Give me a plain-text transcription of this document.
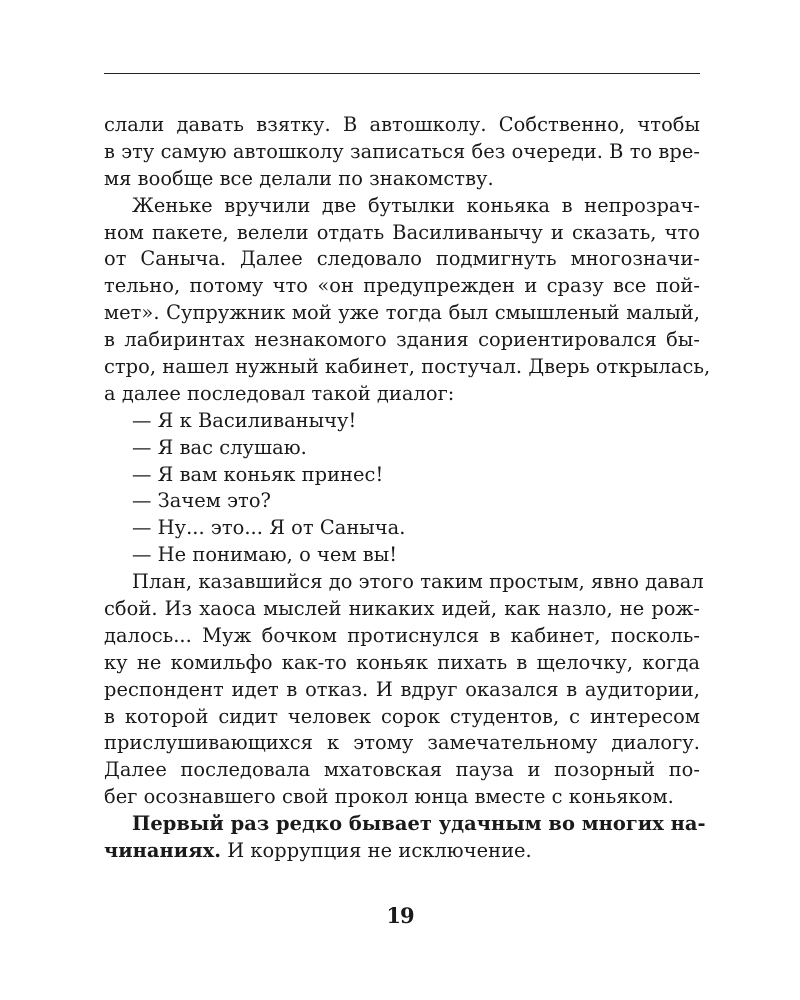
слали давать взятку. В автошколу. Собственно, чтобы
в эту самую автошколу записаться без очереди. В то вре-
мя вообще все делали по знакомству.
Женьке вручили две бутылки коньяка в непрозрач-
ном пакете, велели отдать Василиванычу и сказать, что
от Саныча. Далее следовало подмигнуть многозначи-
тельно, потому что «он предупрежден и сразу все пой-
мет». Супружник мой уже тогда был смышленый малый,
в лабиринтах незнакомого здания сориентировался бы-
стро, нашел нужный кабинет, постучал. Дверь открылась,
а далее последовал такой диалог:
— Я к Василиванычу!
— Я вас слушаю.
— Я вам коньяк принес!
— Зачем это?
— Ну... это... Я от Саныча.
— Не понимаю, о чем вы!
План, казавшийся до этого таким простым, явно давал
сбой. Из хаоса мыслей никаких идей, как назло, не рож-
далось... Муж бочком протиснулся в кабинет, посколь-
ку не комильфо как-то коньяк пихать в щелочку, когда
респондент идет в отказ. И вдруг оказался в аудитории,
в которой сидит человек сорок студентов, с интересом
прислушивающихся к этому замечательному диалогу.
Далее последовала мхатовская пауза и позорный по-
бег осознавшего свой прокол юнца вместе с коньяком.
Первый раз редко бывает удачным во многих на-
чинаниях. И коррупция не исключение.
19
